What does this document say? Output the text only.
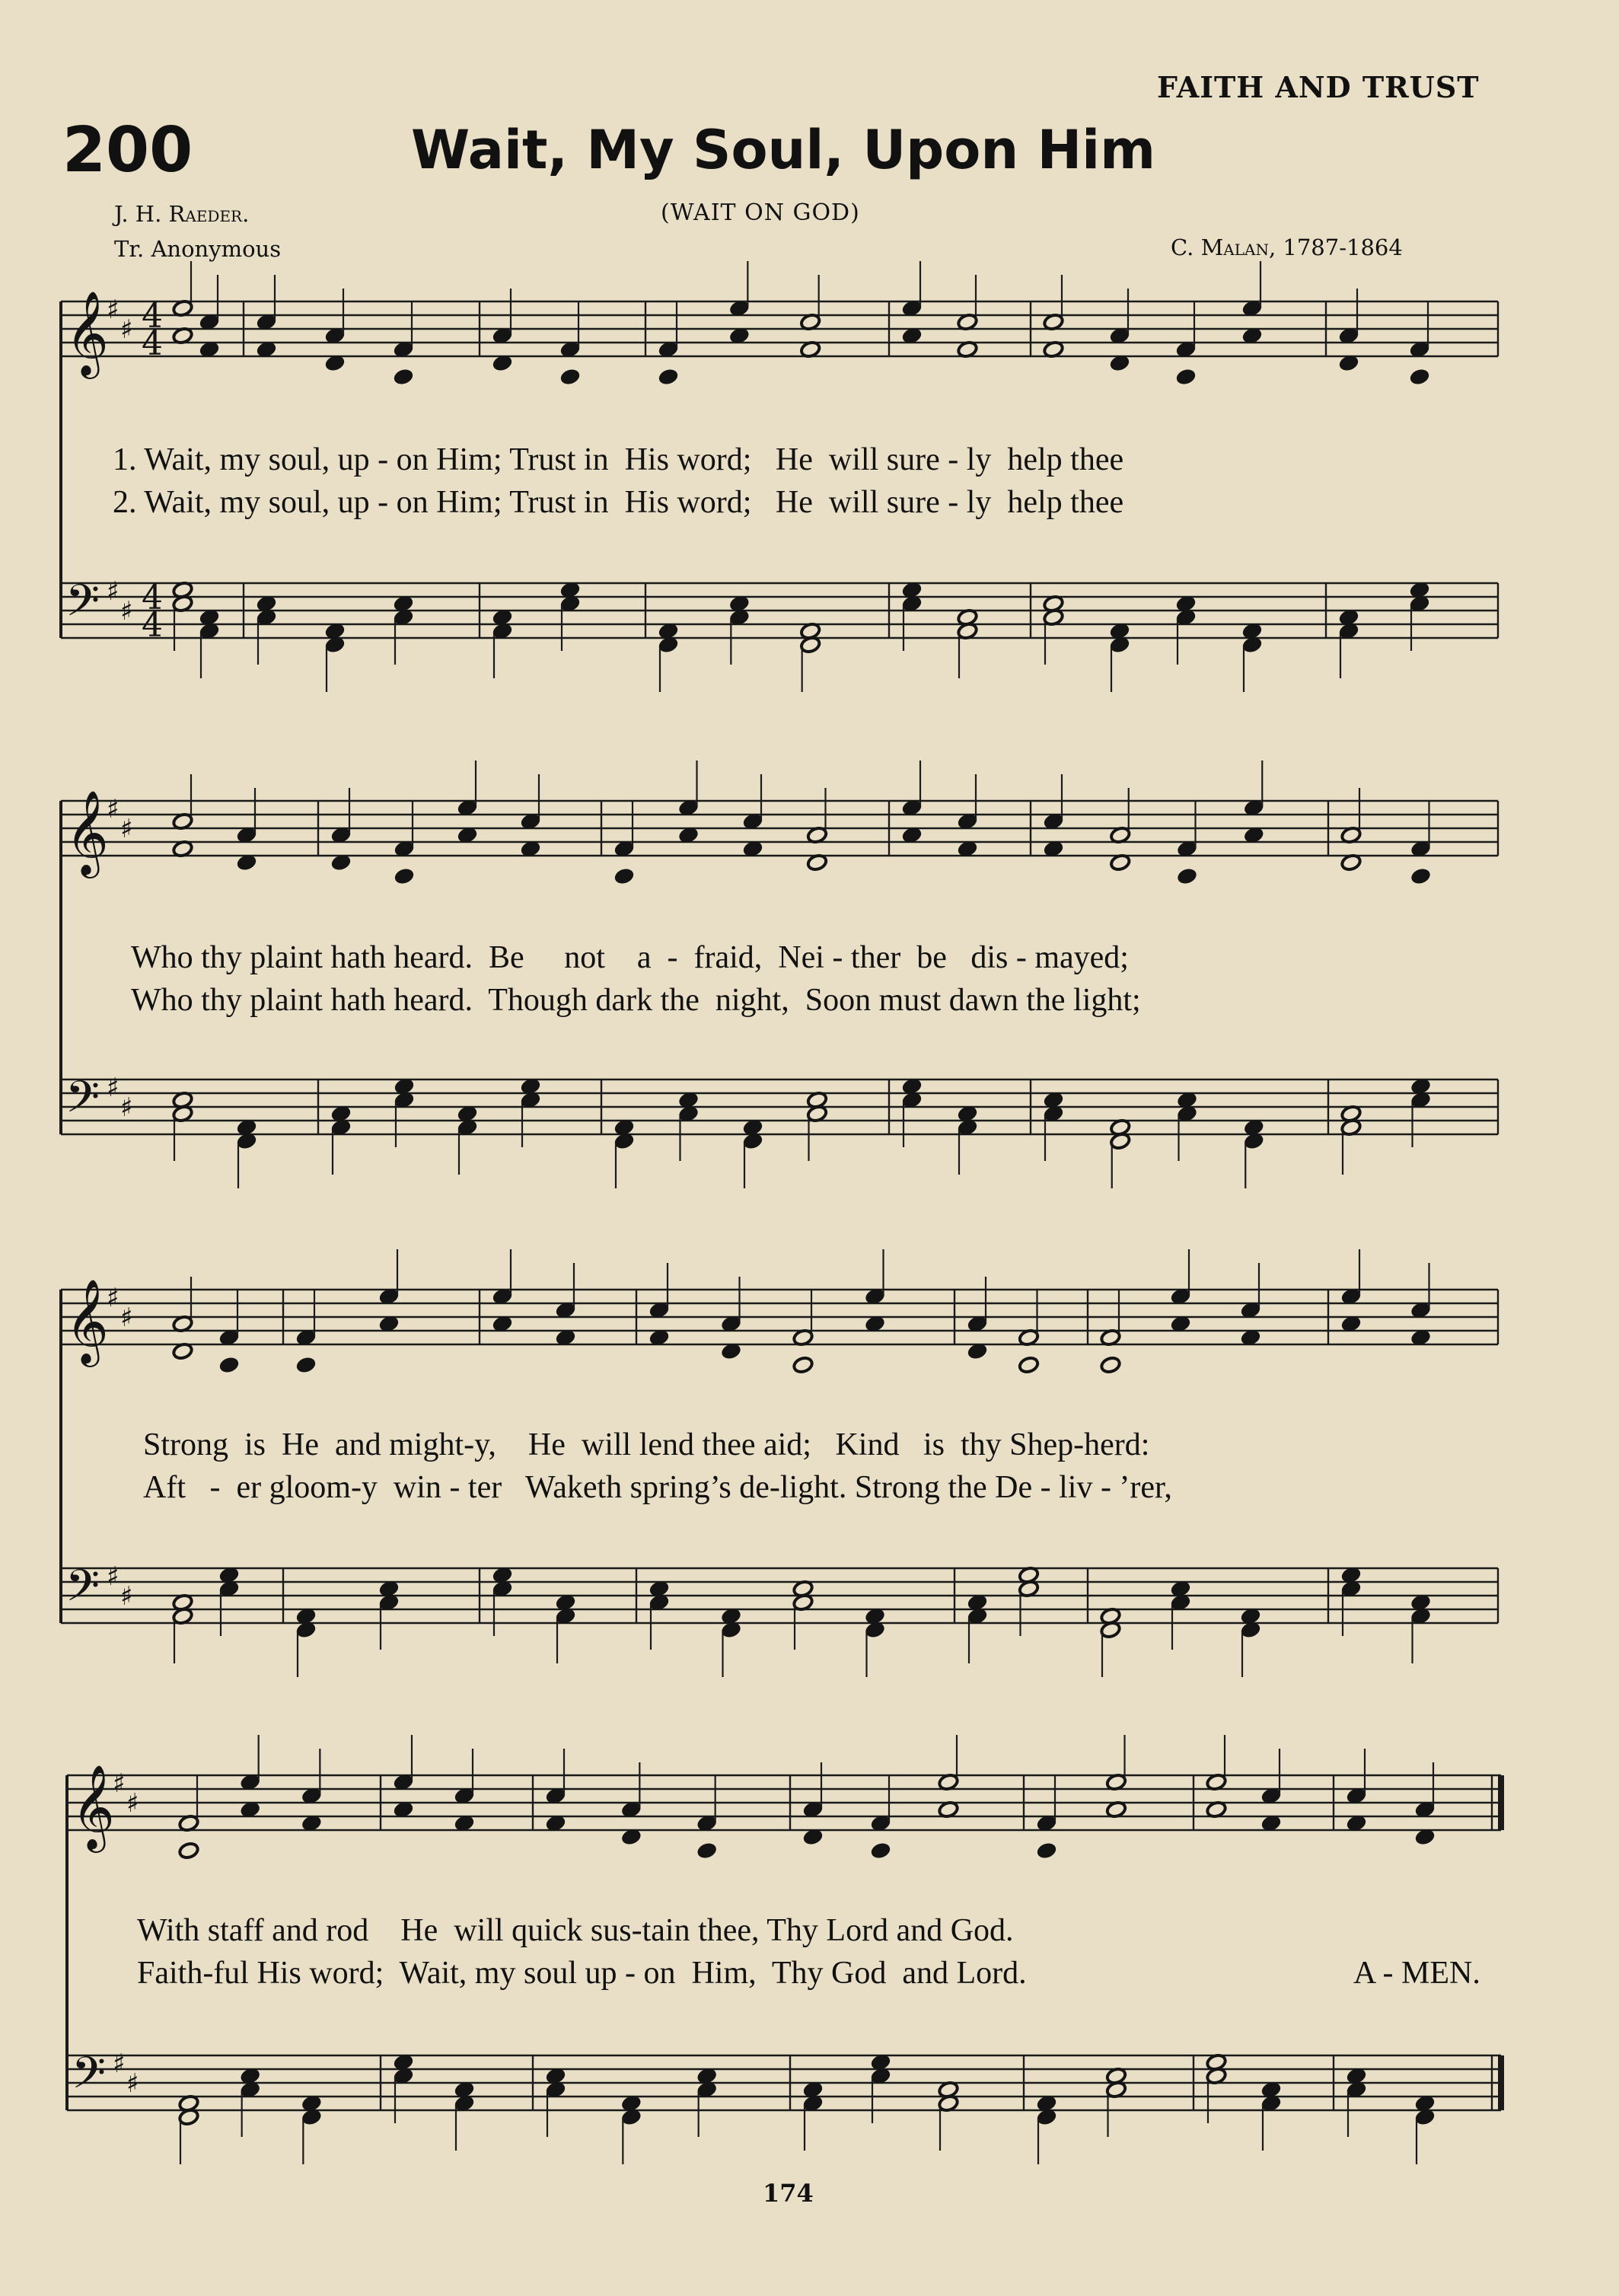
FAITH AND TRUST
200	Wait, My Soul, Upon Him
J. H. Raeder.	(WAIT ON GOD)
Tr. Anonymous	C. Malan, 1787-1864
𝄞
♯
♯
𝄢 ♯
♯
4
4
4
4
𝄞
♯
♯
𝄢 ♯
♯
𝄞
♯
♯
𝄢 ♯
♯
𝄞
♯
♯
𝄢 ♯
♯
1. Wait, my soul, up - on Him; Trust in  His word;   He  will sure - ly  help thee
2. Wait, my soul, up - on Him; Trust in  His word;   He  will sure - ly  help thee
Who thy plaint hath heard.  Be     not    a  -  fraid,  Nei - ther  be   dis - mayed;
Who thy plaint hath heard.  Though dark the  night,  Soon must dawn the light;
Strong  is  He  and might-y,    He  will lend thee aid;   Kind   is  thy Shep-herd:
Aft   -  er gloom-y  win - ter   Waketh spring’s de-light. Strong the De - liv - ’rer,
With staff and rod    He  will quick sus-tain thee, Thy Lord and God.
Faith-ful His word;  Wait, my soul up - on  Him,  Thy God  and Lord.	A - MEN.
174
